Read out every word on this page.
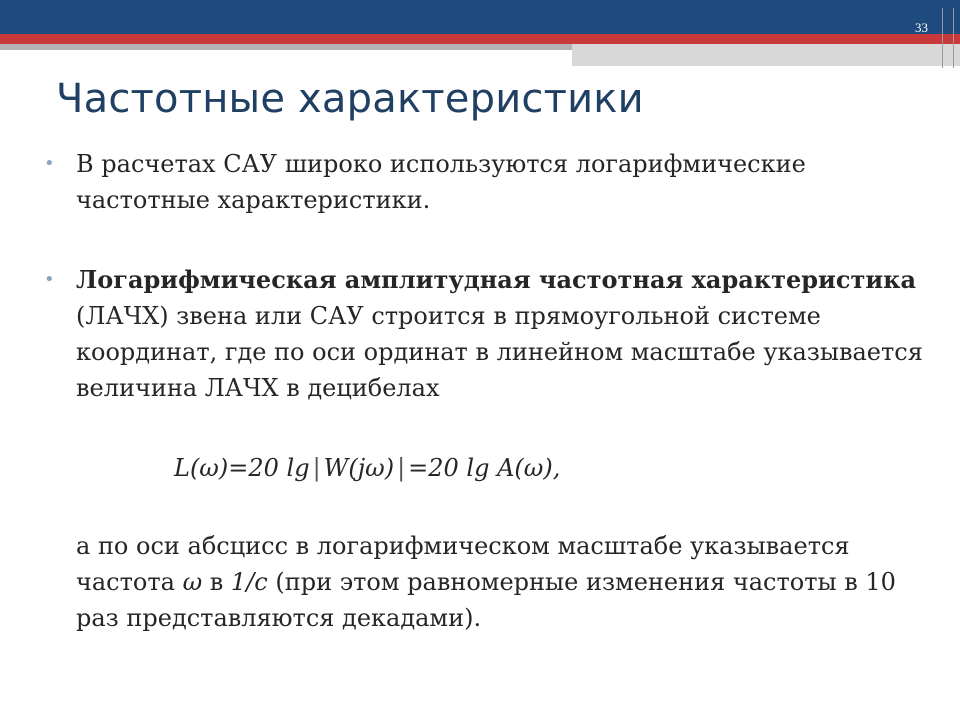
33
Частотные характеристики
• В расчетах САУ широко используются логарифмические частотные характеристики.
• Логарифмическая амплитудная частотная характеристика (ЛАЧХ) звена или САУ строится в прямоугольной системе координат, где по оси ординат в линейном масштабе указывается величина ЛАЧХ в децибелах
L(ω)=20 lg | W(jω) | =20 lg A(ω),
а по оси абсцисс в логарифмическом масштабе указывается частота ω в 1/с (при этом равномерные изменения частоты в 10 раз представляются декадами).
